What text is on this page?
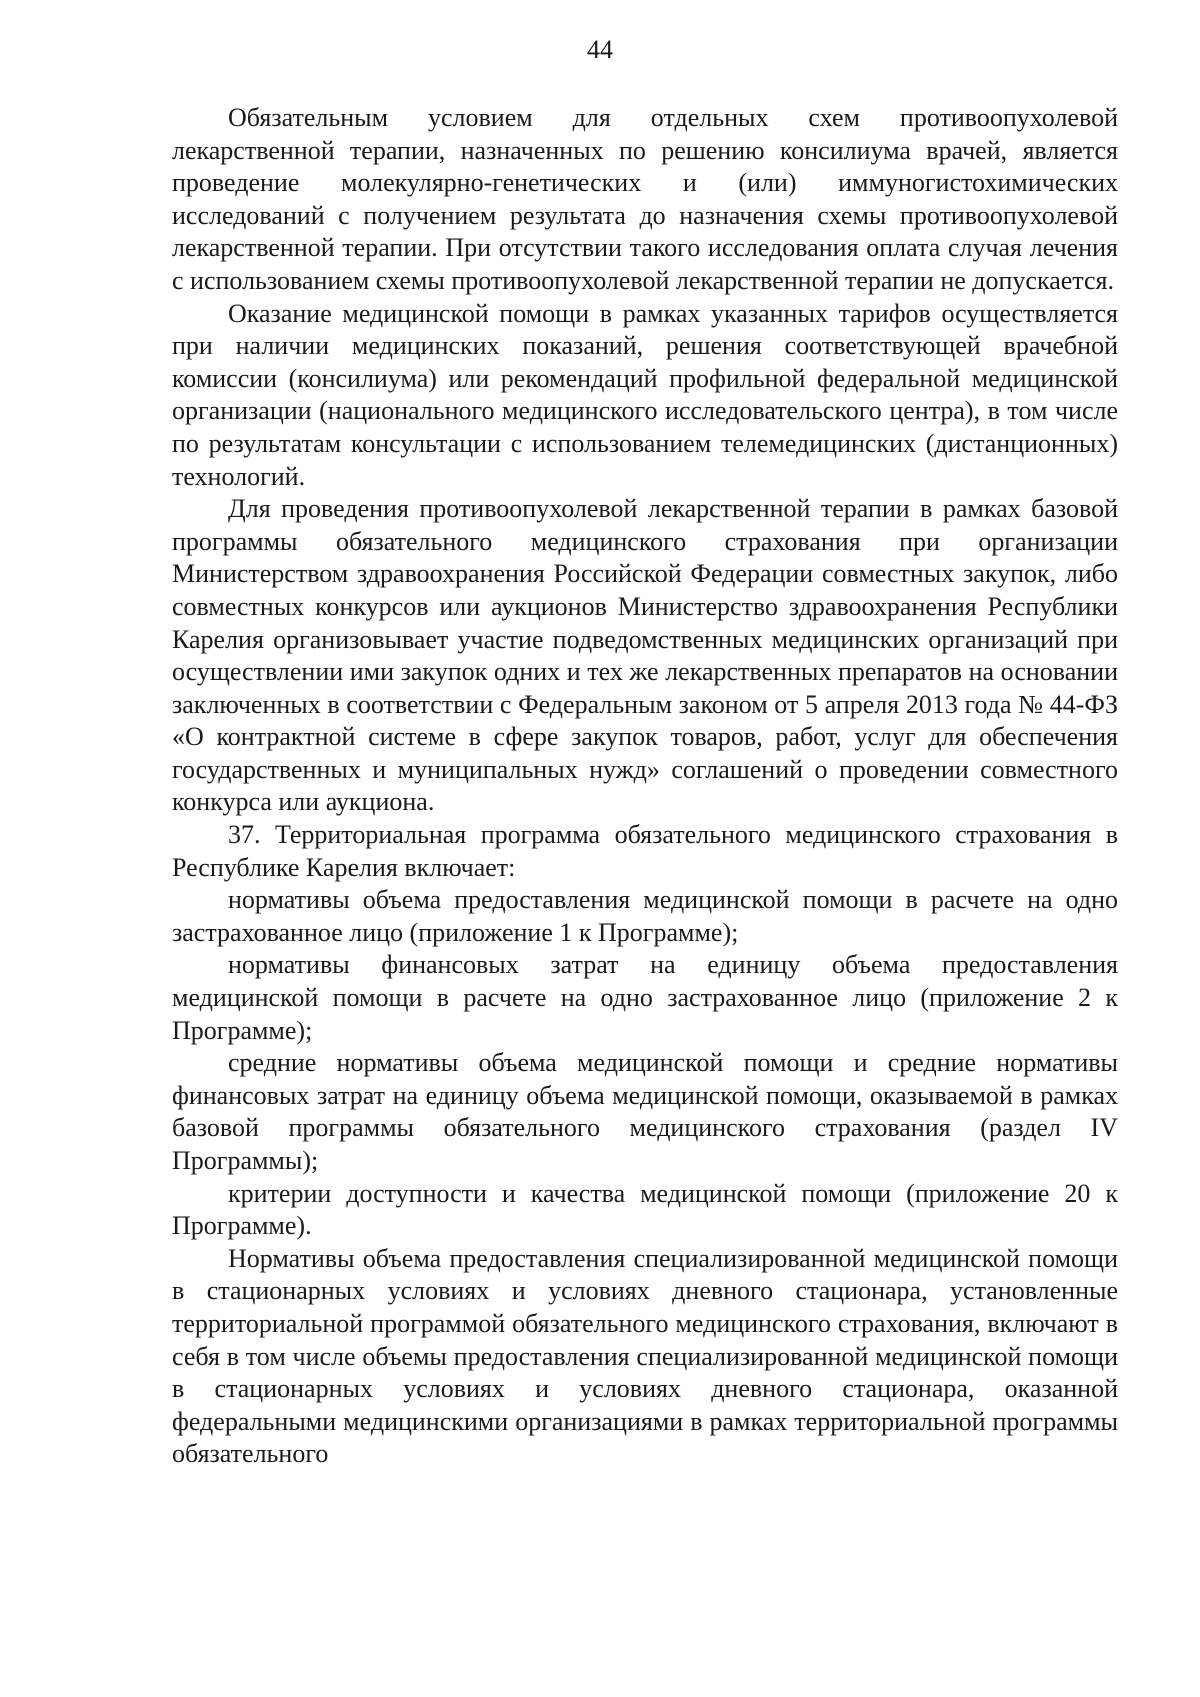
44

Обязательным условием для отдельных схем противоопухолевой лекарственной терапии, назначенных по решению консилиума врачей, является проведение молекулярно-генетических и (или) иммуногистохимических исследований с получением результата до назначения схемы противоопухолевой лекарственной терапии. При отсутствии такого исследования оплата случая лечения с использованием схемы противоопухолевой лекарственной терапии не допускается.

Оказание медицинской помощи в рамках указанных тарифов осуществляется при наличии медицинских показаний, решения соответствующей врачебной комиссии (консилиума) или рекомендаций профильной федеральной медицинской организации (национального медицинского исследовательского центра), в том числе по результатам консультации с использованием телемедицинских (дистанционных) технологий.

Для проведения противоопухолевой лекарственной терапии в рамках базовой программы обязательного медицинского страхования при организации Министерством здравоохранения Российской Федерации совместных закупок, либо совместных конкурсов или аукционов Министерство здравоохранения Республики Карелия организовывает участие подведомственных медицинских организаций при осуществлении ими закупок одних и тех же лекарственных препаратов на основании заключенных в соответствии с Федеральным законом от 5 апреля 2013 года № 44-ФЗ «О контрактной системе в сфере закупок товаров, работ, услуг для обеспечения государственных и муниципальных нужд» соглашений о проведении совместного конкурса или аукциона.

37. Территориальная программа обязательного медицинского страхования в Республике Карелия включает:

нормативы объема предоставления медицинской помощи в расчете на одно застрахованное лицо (приложение 1 к Программе);

нормативы финансовых затрат на единицу объема предоставления медицинской помощи в расчете на одно застрахованное лицо (приложение 2 к Программе);

средние нормативы объема медицинской помощи и средние нормативы финансовых затрат на единицу объема медицинской помощи, оказываемой в рамках базовой программы обязательного медицинского страхования (раздел IV Программы);

критерии доступности и качества медицинской помощи (приложение 20 к Программе).

Нормативы объема предоставления специализированной медицинской помощи в стационарных условиях и условиях дневного стационара, установленные территориальной программой обязательного медицинского страхования, включают в себя в том числе объемы предоставления специализированной медицинской помощи в стационарных условиях и условиях дневного стационара, оказанной федеральными медицинскими организациями в рамках территориальной программы обязательного
